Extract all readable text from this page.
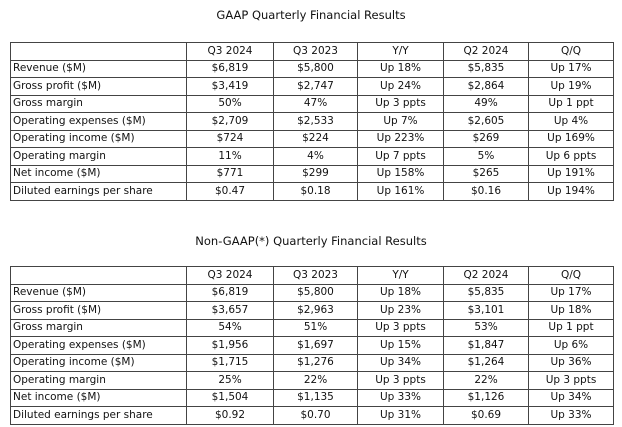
GAAP Quarterly Financial Results
	Q3 2024	Q3 2023	Y/Y	Q2 2024	Q/Q
Revenue ($M)	$6,819	$5,800	Up 18%	$5,835	Up 17%
Gross profit ($M)	$3,419	$2,747	Up 24%	$2,864	Up 19%
Gross margin	50%	47%	Up 3 ppts	49%	Up 1 ppt
Operating expenses ($M)	$2,709	$2,533	Up 7%	$2,605	Up 4%
Operating income ($M)	$724	$224	Up 223%	$269	Up 169%
Operating margin	11%	4%	Up 7 ppts	5%	Up 6 ppts
Net income ($M)	$771	$299	Up 158%	$265	Up 191%
Diluted earnings per share	$0.47	$0.18	Up 161%	$0.16	Up 194%
Non-GAAP(*) Quarterly Financial Results
	Q3 2024	Q3 2023	Y/Y	Q2 2024	Q/Q
Revenue ($M)	$6,819	$5,800	Up 18%	$5,835	Up 17%
Gross profit ($M)	$3,657	$2,963	Up 23%	$3,101	Up 18%
Gross margin	54%	51%	Up 3 ppts	53%	Up 1 ppt
Operating expenses ($M)	$1,956	$1,697	Up 15%	$1,847	Up 6%
Operating income ($M)	$1,715	$1,276	Up 34%	$1,264	Up 36%
Operating margin	25%	22%	Up 3 ppts	22%	Up 3 ppts
Net income ($M)	$1,504	$1,135	Up 33%	$1,126	Up 34%
Diluted earnings per share	$0.92	$0.70	Up 31%	$0.69	Up 33%
